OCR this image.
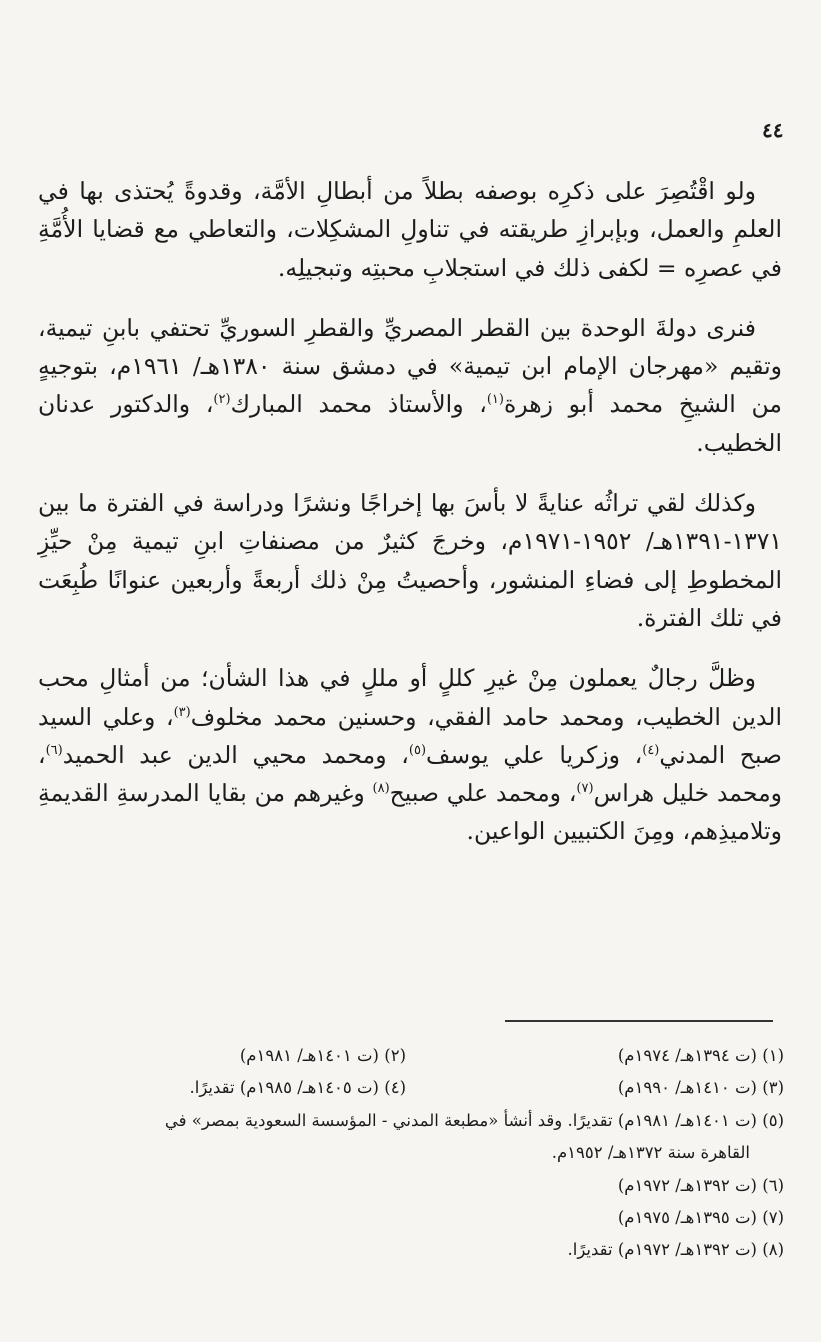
٤٤

ولو اقْتُصِرَ على ذكرِه بوصفه بطلاً من أبطالِ الأمَّة، وقدوةً يُحتذى بها في العلمِ والعمل، وبإبرازِ طريقته في تناولِ المشكِلات، والتعاطي مع قضايا الأُمَّةِ في عصرِه = لكفى ذلك في استجلابِ محبتِه وتبجيلِه.

فنرى دولةَ الوحدة بين القطر المصريِّ والقطرِ السوريِّ تحتفي بابنِ تيمية، وتقيم «مهرجان الإمام ابن تيمية» في دمشق سنة ١٣٨٠هـ/ ١٩٦١م، بتوجيهٍ من الشيخِ محمد أبو زهرة$^{(١)}$، والأستاذ محمد المبارك$^{(٢)}$، والدكتور عدنان الخطيب.

وكذلك لقي تراثُه عنايةً لا بأسَ بها إخراجًا ونشرًا ودراسة في الفترة ما بين ١٣٧١-١٣٩١هـ/ ١٩٥٢-١٩٧١م، وخرجَ كثيرٌ من مصنفاتِ ابنِ تيمية مِنْ حيِّزِ المخطوطِ إلى فضاءِ المنشور، وأحصيتُ مِنْ ذلك أربعةً وأربعين عنوانًا طُبِعَت في تلك الفترة.

وظلَّ رجالٌ يعملون مِنْ غيرِ كللٍ أو مللٍ في هذا الشأن؛ من أمثالِ محب الدين الخطيب، ومحمد حامد الفقي، وحسنين محمد مخلوف$^{(٣)}$، وعلي السيد صبح المدني$^{(٤)}$، وزكريا علي يوسف$^{(٥)}$، ومحمد محيي الدين عبد الحميد$^{(٦)}$، ومحمد خليل هراس$^{(٧)}$، ومحمد علي صبيح$^{(٨)}$ وغيرهم من بقايا المدرسةِ القديمةِ وتلاميذِهم، ومِنَ الكتبيين الواعين.

(١) (ت ١٣٩٤هـ/ ١٩٧٤م)
(٢) (ت ١٤٠١هـ/ ١٩٨١م)
(٣) (ت ١٤١٠هـ/ ١٩٩٠م)
(٤) (ت ١٤٠٥هـ/ ١٩٨٥م) تقديرًا.
(٥) (ت ١٤٠١هـ/ ١٩٨١م) تقديرًا. وقد أنشأ «مطبعة المدني - المؤسسة السعودية بمصر» في
القاهرة سنة ١٣٧٢هـ/ ١٩٥٢م.
(٦) (ت ١٣٩٢هـ/ ١٩٧٢م)
(٧) (ت ١٣٩٥هـ/ ١٩٧٥م)
(٨) (ت ١٣٩٢هـ/ ١٩٧٢م) تقديرًا.
